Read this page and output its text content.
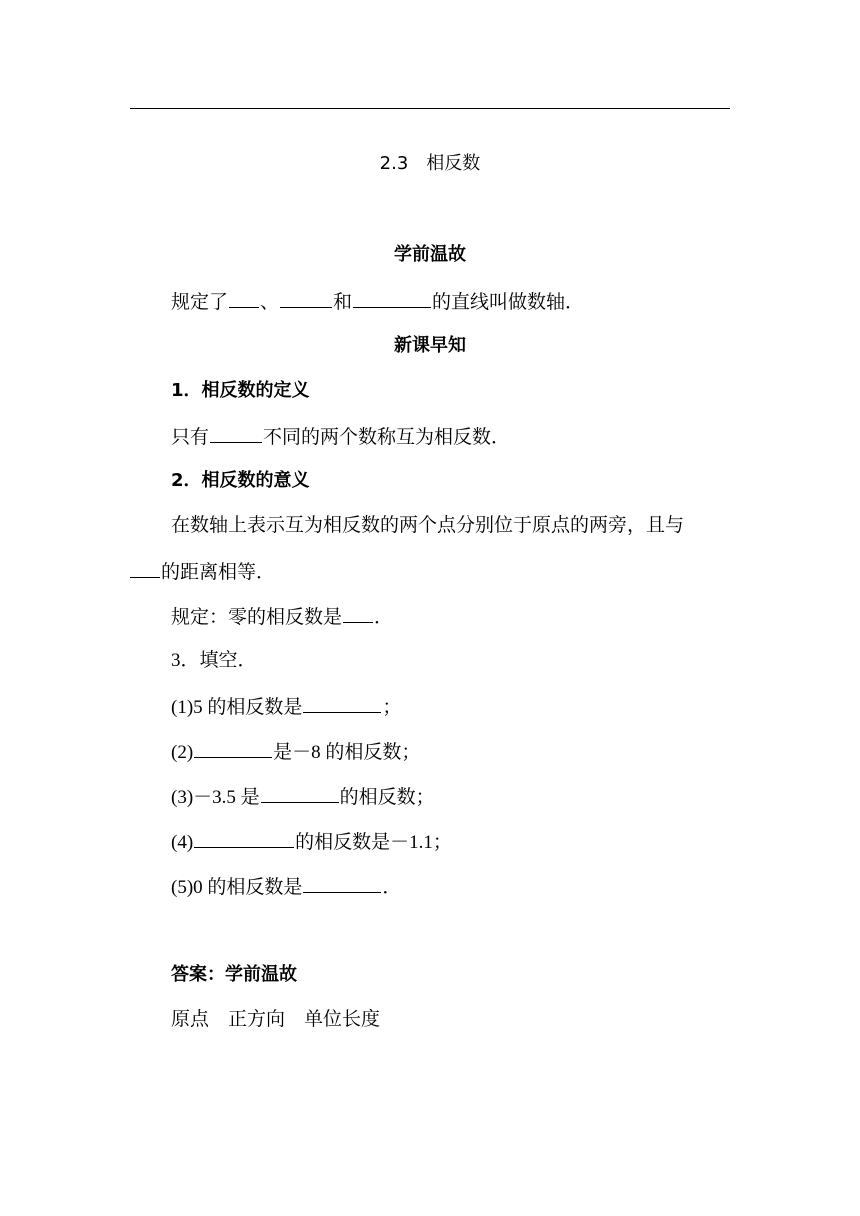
2.3　相反数
学前温故
规定了 、	和	的直线叫做数轴．
新课早知
1．相反数的定义
只有	不同的两个数称互为相反数．
2．相反数的意义
在数轴上表示互为相反数的两个点分别位于原点的两旁，且与
的距离相等．
规定：零的相反数是 ．
3．填空．
(1)5 的相反数是	；
(2)	是－8 的相反数；
(3)－3.5 是	的相反数；
(4)	的相反数是－1.1；
(5)0 的相反数是	．
答案：学前温故
原点　正方向　单位长度
